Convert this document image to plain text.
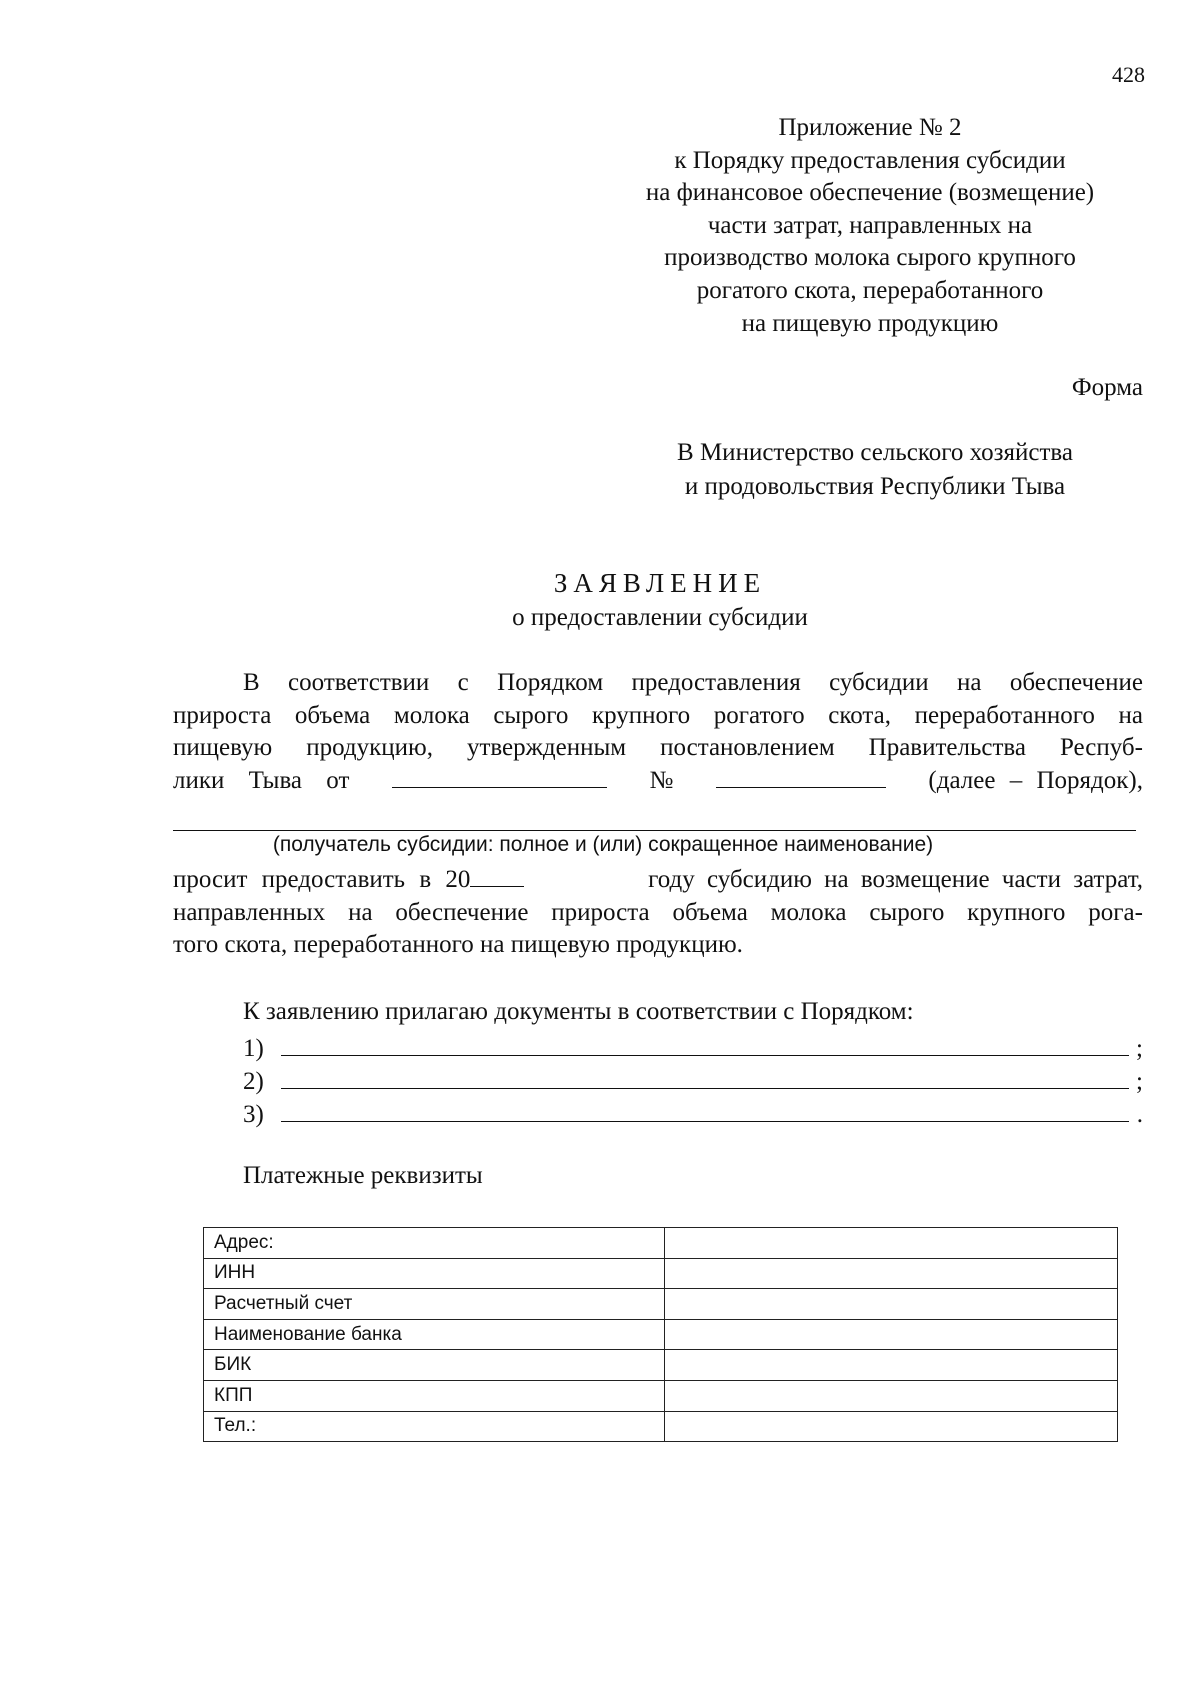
428
Приложение № 2
к Порядку предоставления субсидии
на финансовое обеспечение (возмещение)
части затрат, направленных на
производство молока сырого крупного
рогатого скота, переработанного
на пищевую продукцию
Форма
В Министерство сельского хозяйства
и продовольствия Республики Тыва
ЗАЯВЛЕНИЕ
о предоставлении субсидии
В соответствии с Порядком предоставления субсидии на обеспечение
прироста объема молока сырого крупного рогатого скота, переработанного на
пищевую продукцию, утвержденным постановлением Правительства Респуб-
лики Тыва от	№	(далее – Порядок),
(получатель субсидии: полное и (или) сокращенное наименование)
просит предоставить в 20	году субсидию на возмещение части затрат,
направленных на обеспечение прироста объема молока сырого крупного рога-
того скота, переработанного на пищевую продукцию.
К заявлению прилагаю документы в соответствии с Порядком:
1)	;
2)	;
3)	.
Платежные реквизиты
Адрес:	
ИНН	
Расчетный счет	
Наименование банка	
БИК	
КПП	
Тел.:	
